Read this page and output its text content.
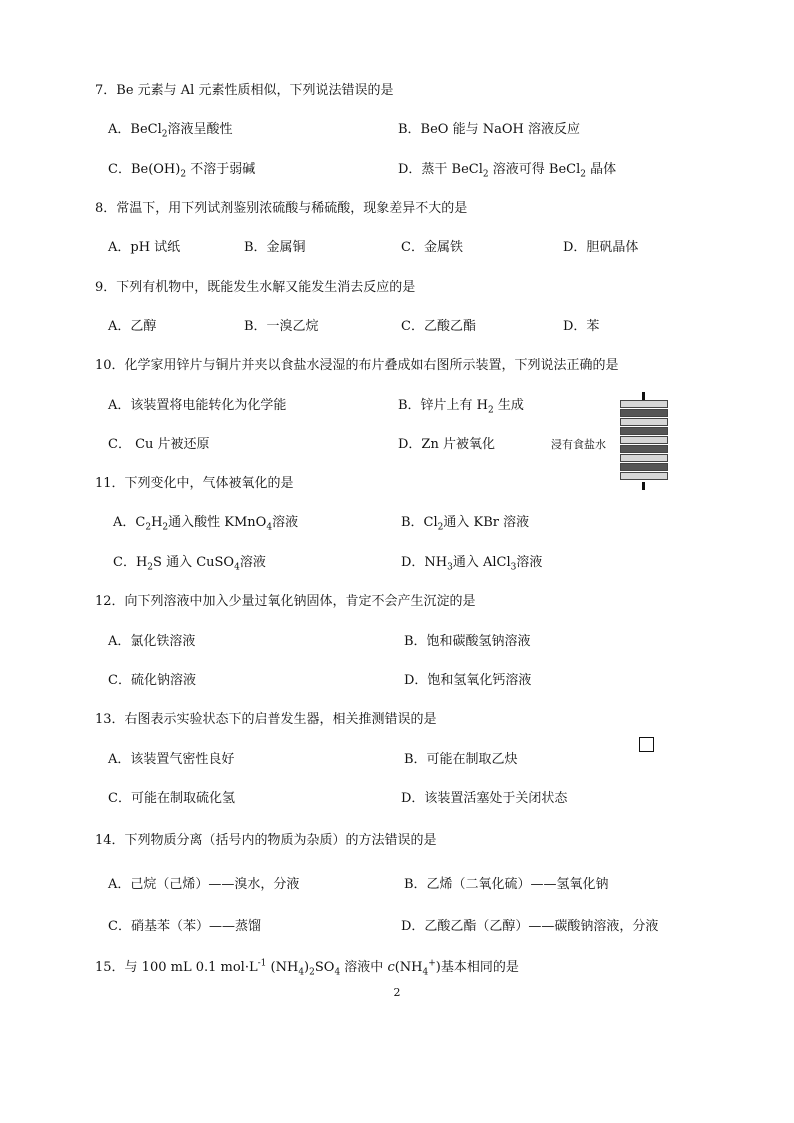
7．Be 元素与 Al 元素性质相似，下列说法错误的是
A．BeCl$_2$溶液呈酸性	B．BeO 能与 NaOH 溶液反应
C．$Be(OH)_2$ 不溶于弱碱	D．蒸干 BeCl$_2$ 溶液可得 BeCl$_2$ 晶体
8．常温下，用下列试剂鉴别浓硫酸与稀硫酸，现象差异不大的是
A．pH 试纸	B．金属铜	C．金属铁	D．胆矾晶体
9．下列有机物中，既能发生水解又能发生消去反应的是
A．乙醇	B．一溴乙烷	C．乙酸乙酯	D．苯
10．化学家用锌片与铜片并夹以食盐水浸湿的布片叠成如右图所示装置，下列说法正确的是
A．该装置将电能转化为化学能	B．锌片上有 $H_2$ 生成
C． Cu 片被还原	D．Zn 片被氧化	浸有食盐水
11．下列变化中，气体被氧化的是
A．$C_2H_2$通入酸性 KMnO$_4$溶液	B．$Cl_2$通入 KBr 溶液
C．$H_2S$ 通入 CuSO$_4$溶液	D．$NH_3$通入 AlCl$_3$溶液
12．向下列溶液中加入少量过氧化钠固体，肯定不会产生沉淀的是
A．氯化铁溶液	B．饱和碳酸氢钠溶液
C．硫化钠溶液	D．饱和氢氧化钙溶液
13．右图表示实验状态下的启普发生器，相关推测错误的是
A．该装置气密性良好	B．可能在制取乙炔
C．可能在制取硫化氢	D．该装置活塞处于关闭状态
14．下列物质分离（括号内的物质为杂质）的方法错误的是
A．己烷（己烯）——溴水，分液	B．乙烯（二氧化硫）——氢氧化钠
C．硝基苯（苯）——蒸馏	D．乙酸乙酯（乙醇）——碳酸钠溶液，分液
15．与 100 mL 0.1 $mol\cdot L^{-1}$ $(NH_4)_2SO_4$ 溶液中 $c(NH_4^+)$基本相同的是
2
